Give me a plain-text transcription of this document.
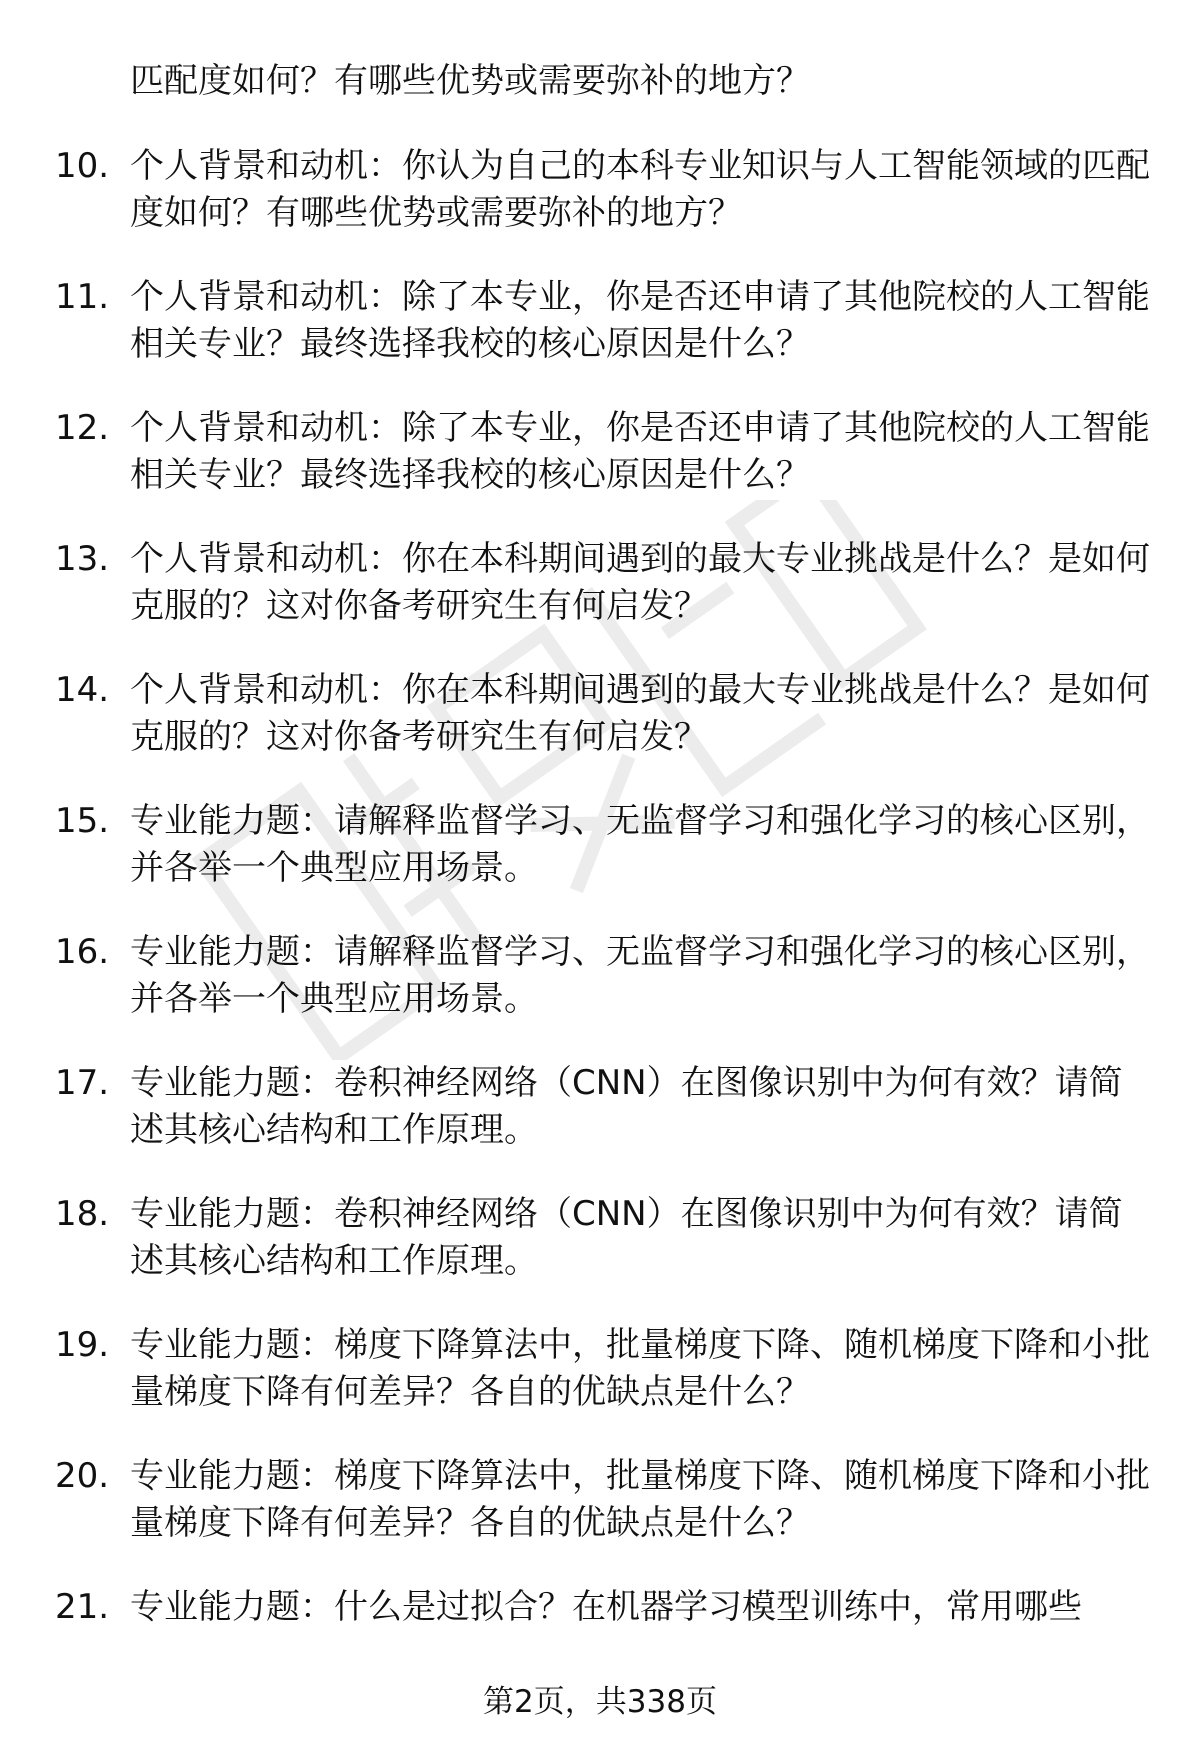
匹配度如何？有哪些优势或需要弥补的地方？

10. 个人背景和动机：你认为自己的本科专业知识与人工智能领域的匹配度如何？有哪些优势或需要弥补的地方？

11. 个人背景和动机：除了本专业，你是否还申请了其他院校的人工智能相关专业？最终选择我校的核心原因是什么？

12. 个人背景和动机：除了本专业，你是否还申请了其他院校的人工智能相关专业？最终选择我校的核心原因是什么？

13. 个人背景和动机：你在本科期间遇到的最大专业挑战是什么？是如何克服的？这对你备考研究生有何启发？

14. 个人背景和动机：你在本科期间遇到的最大专业挑战是什么？是如何克服的？这对你备考研究生有何启发？

15. 专业能力题：请解释监督学习、无监督学习和强化学习的核心区别，并各举一个典型应用场景。

16. 专业能力题：请解释监督学习、无监督学习和强化学习的核心区别，并各举一个典型应用场景。

17. 专业能力题：卷积神经网络（CNN）在图像识别中为何有效？请简述其核心结构和工作原理。

18. 专业能力题：卷积神经网络（CNN）在图像识别中为何有效？请简述其核心结构和工作原理。

19. 专业能力题：梯度下降算法中，批量梯度下降、随机梯度下降和小批量梯度下降有何差异？各自的优缺点是什么？

20. 专业能力题：梯度下降算法中，批量梯度下降、随机梯度下降和小批量梯度下降有何差异？各自的优缺点是什么？

21. 专业能力题：什么是过拟合？在机器学习模型训练中，常用哪些

第2页，共338页
